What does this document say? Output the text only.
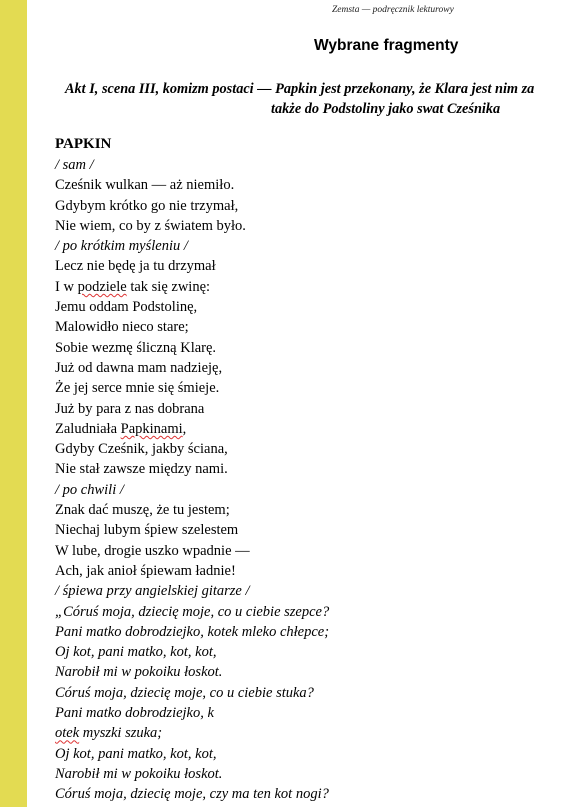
Zemsta — podręcznik lekturowy
Wybrane fragmenty
Akt I, scena III, komizm postaci — Papkin jest przekonany, że Klara jest nim za
także do Podstoliny jako swat Cześnika
PAPKIN
/ sam /
Cześnik wulkan — aż niemiło.
Gdybym krótko go nie trzymał,
Nie wiem, co by z światem było.
/ po krótkim myśleniu /
Lecz nie będę ja tu drzymał
I w podziele tak się zwinę:
Jemu oddam Podstolinę,
Malowidło nieco stare;
Sobie wezmę śliczną Klarę.
Już od dawna mam nadzieję,
Że jej serce mnie się śmieje.
Już by para z nas dobrana
Zaludniała Papkinami,
Gdyby Cześnik, jakby ściana,
Nie stał zawsze między nami.
/ po chwili /
Znak dać muszę, że tu jestem;
Niechaj lubym śpiew szelestem
W lube, drogie uszko wpadnie —
Ach, jak anioł śpiewam ładnie!
/ śpiewa przy angielskiej gitarze /
„Córuś moja, dziecię moje, co u ciebie szepce?
Pani matko dobrodziejko, kotek mleko chłepce;
Oj kot, pani matko, kot, kot,
Narobił mi w pokoiku łoskot.
Córuś moja, dziecię moje, co u ciebie stuka?
Pani matko dobrodziejko, k
otek myszki szuka;
Oj kot, pani matko, kot, kot,
Narobił mi w pokoiku łoskot.
Córuś moja, dziecię moje, czy ma ten kot nogi?
